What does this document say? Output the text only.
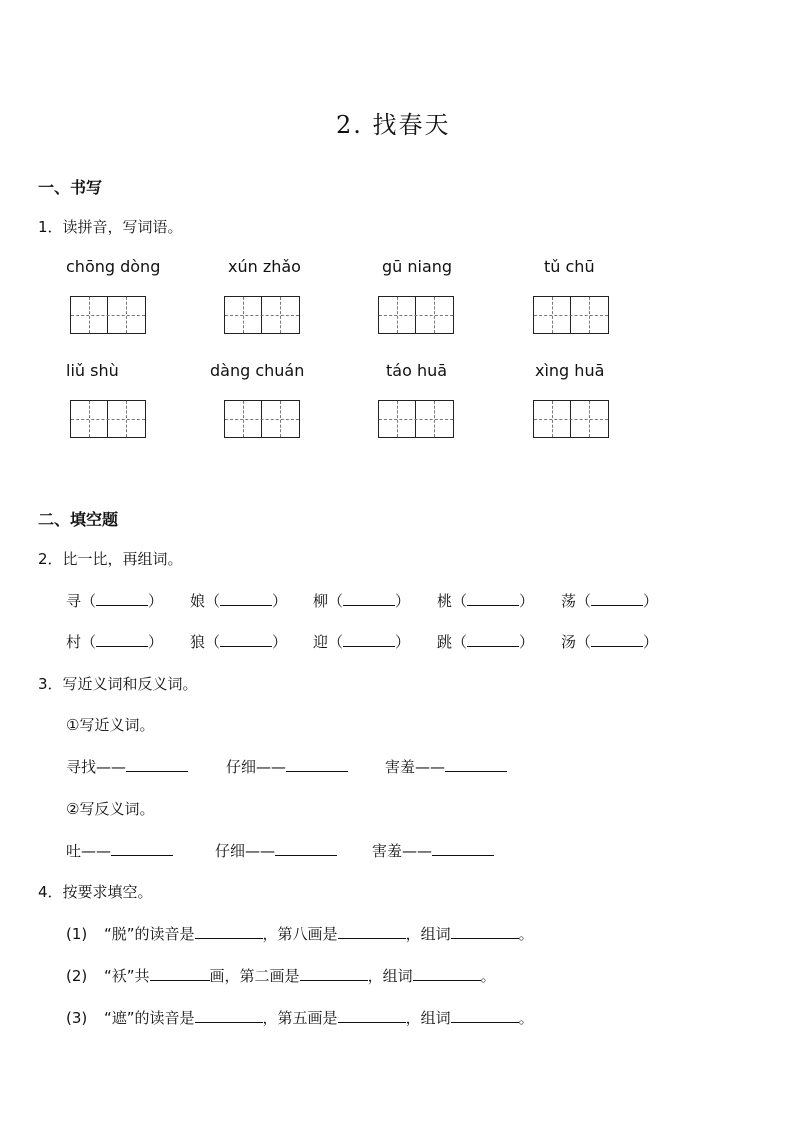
2. 找春天
一、书写
1．读拼音，写词语。
chōng dòng	xún zhǎo	gū niang	tǔ chū
liǔ shù	dàng chuán	táo huā	xìng huā
二、填空题
2．比一比，再组词。
寻（	） 娘（	） 柳（	） 桃（	） 荡（	）
村（	） 狼（	） 迎（	） 跳（	） 汤（	）
3．写近义词和反义词。
①写近义词。
寻找——	仔细——	害羞——
②写反义词。
吐——	仔细——	害羞——
4．按要求填空。
(1) “脱”的读音是	，第八画是	，组词	。
(2) “袄”共	画，第二画是	，组词	。
(3) “遮”的读音是	，第五画是	，组词	。
